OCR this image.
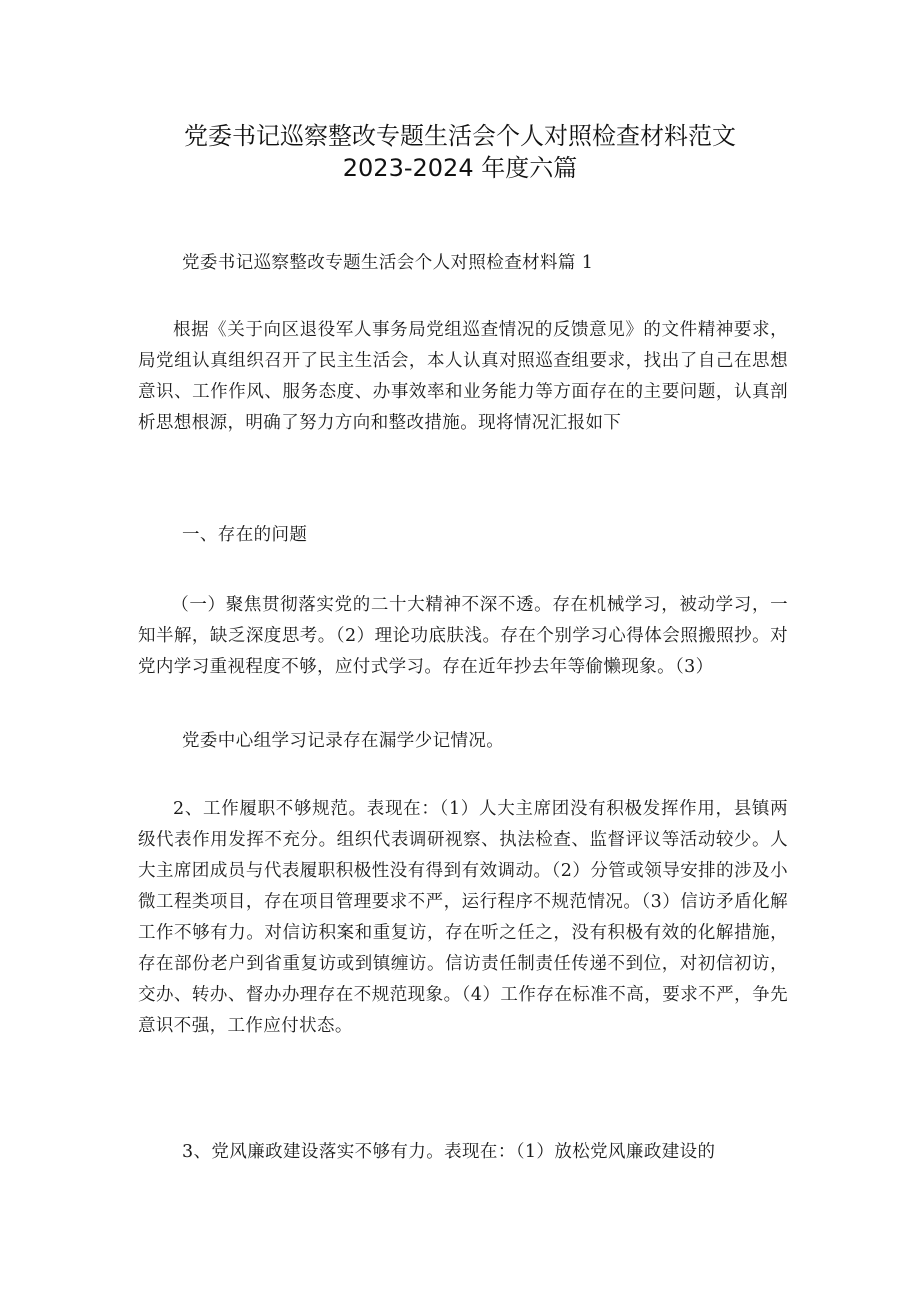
党委书记巡察整改专题生活会个人对照检查材料范文
2023-2024 年度六篇
党委书记巡察整改专题生活会个人对照检查材料篇 1
根据《关于向区退役军人事务局党组巡查情况的反馈意见》的文件精神要求，局党组认真组织召开了民主生活会，本人认真对照巡查组要求，找出了自己在思想意识、工作作风、服务态度、办事效率和业务能力等方面存在的主要问题，认真剖析思想根源，明确了努力方向和整改措施。现将情况汇报如下
一、存在的问题
（一）聚焦贯彻落实党的二十大精神不深不透。存在机械学习，被动学习，一知半解，缺乏深度思考。（2）理论功底肤浅。存在个别学习心得体会照搬照抄。对党内学习重视程度不够，应付式学习。存在近年抄去年等偷懒现象。（3）
党委中心组学习记录存在漏学少记情况。
2、工作履职不够规范。表现在：（1）人大主席团没有积极发挥作用，县镇两级代表作用发挥不充分。组织代表调研视察、执法检查、监督评议等活动较少。人大主席团成员与代表履职积极性没有得到有效调动。（2）分管或领导安排的涉及小微工程类项目，存在项目管理要求不严，运行程序不规范情况。（3）信访矛盾化解工作不够有力。对信访积案和重复访，存在听之任之，没有积极有效的化解措施，存在部份老户到省重复访或到镇缠访。信访责任制责任传递不到位，对初信初访，交办、转办、督办办理存在不规范现象。（4）工作存在标准不高，要求不严，争先意识不强，工作应付状态。
3、党风廉政建设落实不够有力。表现在：（1）放松党风廉政建设的
